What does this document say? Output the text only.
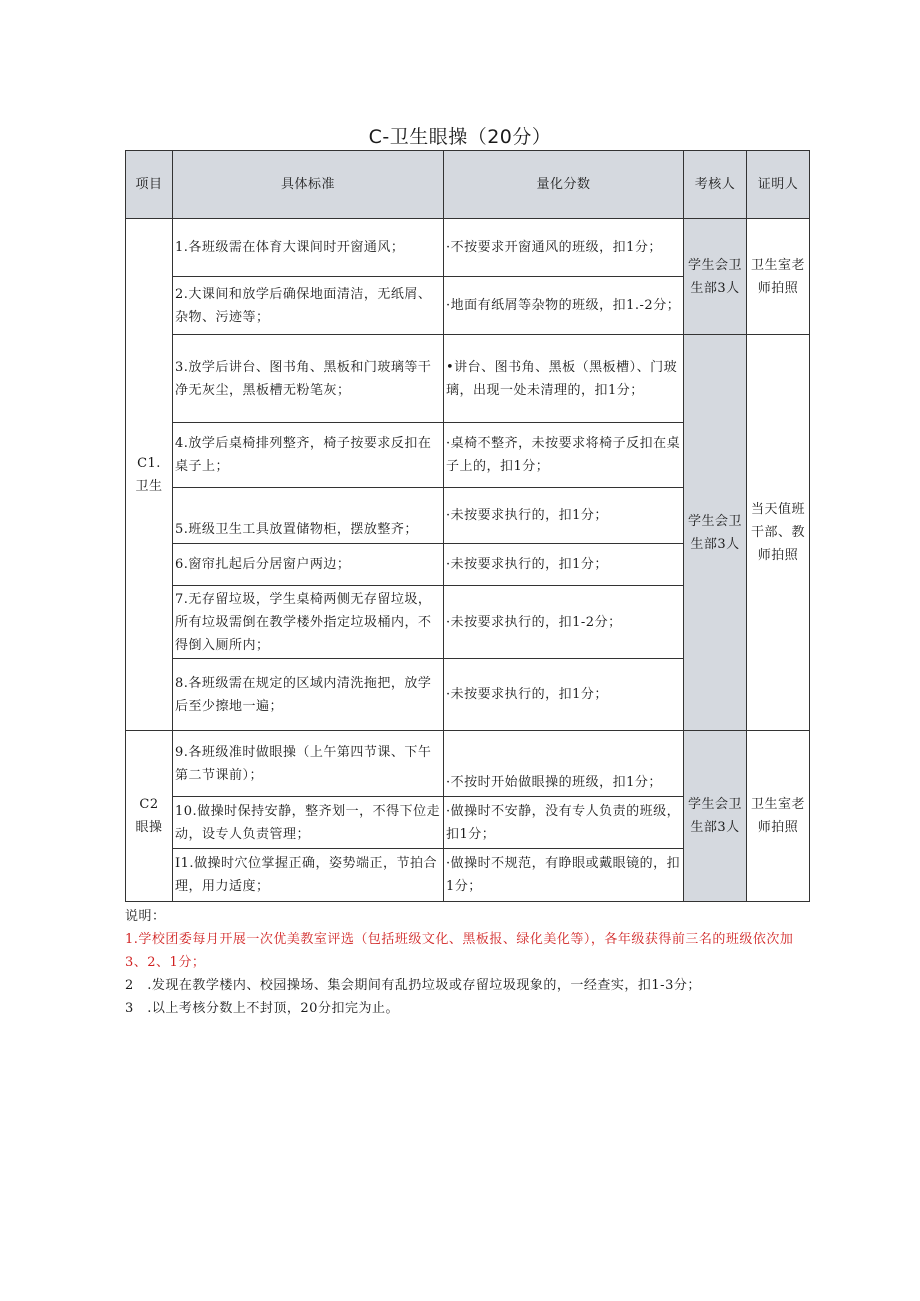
C-卫生眼操（20分）
项目	具体标准	量化分数	考核人	证明人
C1.
卫生	1.各班级需在体育大课间时开窗通风；	·不按要求开窗通风的班级，扣1分；	学生会卫生部3人	卫生室老师拍照
	2.大课间和放学后确保地面清洁，无纸屑、杂物、污迹等；	·地面有纸屑等杂物的班级，扣1.-2分；		
	3.放学后讲台、图书角、黑板和门玻璃等干净无灰尘，黑板槽无粉笔灰；	•讲台、图书角、黑板（黑板槽）、门玻璃，出现一处未清理的，扣1分；	学生会卫生部3人	当天值班干部、教师拍照
	4.放学后桌椅排列整齐，椅子按要求反扣在桌子上；	·桌椅不整齐，未按要求将椅子反扣在桌子上的，扣1分；		
	5.班级卫生工具放置储物柜，摆放整齐；	·未按要求执行的，扣1分；		
	6.窗帘扎起后分居窗户两边；	·未按要求执行的，扣1分；		
	7.无存留垃圾，学生桌椅两侧无存留垃圾，所有垃圾需倒在教学楼外指定垃圾桶内，不得倒入厕所内；	·未按要求执行的，扣1-2分；		
	8.各班级需在规定的区域内清洗拖把，放学后至少擦地一遍；	·未按要求执行的，扣1分；		
C2
眼操	9.各班级准时做眼操（上午第四节课、下午第二节课前）；	·不按时开始做眼操的班级，扣1分；	学生会卫生部3人	卫生室老师拍照
	10.做操时保持安静，整齐划一，不得下位走动，设专人负责管理；	·做操时不安静，没有专人负责的班级，扣1分；		
	I1.做操时穴位掌握正确，姿势端正，节拍合理，用力适度；	·做操时不规范，有睁眼或戴眼镜的，扣1分；		
说明：
1.学校团委每月开展一次优美教室评选（包括班级文化、黑板报、绿化美化等），各年级获得前三名的班级依次加3、2、1分；
2　.发现在教学楼内、校园操场、集会期间有乱扔垃圾或存留垃圾现象的，一经查实，扣1-3分；
3　.以上考核分数上不封顶，20分扣完为止。
